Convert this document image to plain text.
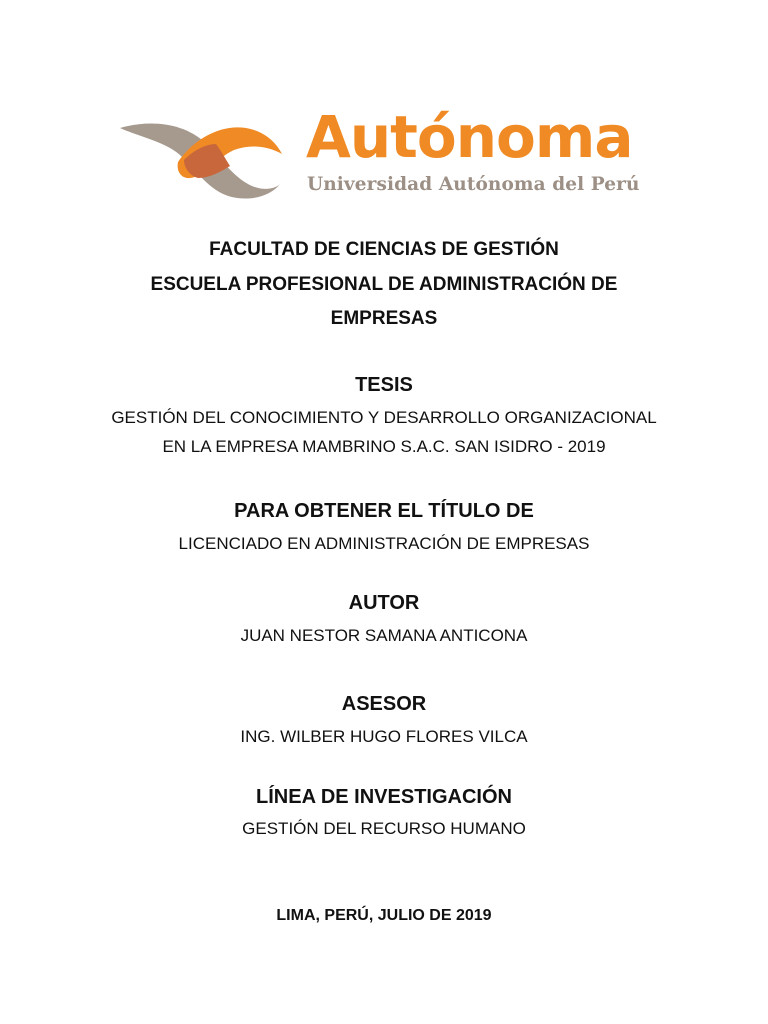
Autónoma
Universidad Autónoma del Perú
FACULTAD DE CIENCIAS DE GESTIÓN
ESCUELA PROFESIONAL DE ADMINISTRACIÓN DE
EMPRESAS
TESIS
GESTIÓN DEL CONOCIMIENTO Y DESARROLLO ORGANIZACIONAL
EN LA EMPRESA MAMBRINO S.A.C. SAN ISIDRO - 2019
PARA OBTENER EL TÍTULO DE
LICENCIADO EN ADMINISTRACIÓN DE EMPRESAS
AUTOR
JUAN NESTOR SAMANA ANTICONA
ASESOR
ING. WILBER HUGO FLORES VILCA
LÍNEA DE INVESTIGACIÓN
GESTIÓN DEL RECURSO HUMANO
LIMA, PERÚ, JULIO DE 2019
